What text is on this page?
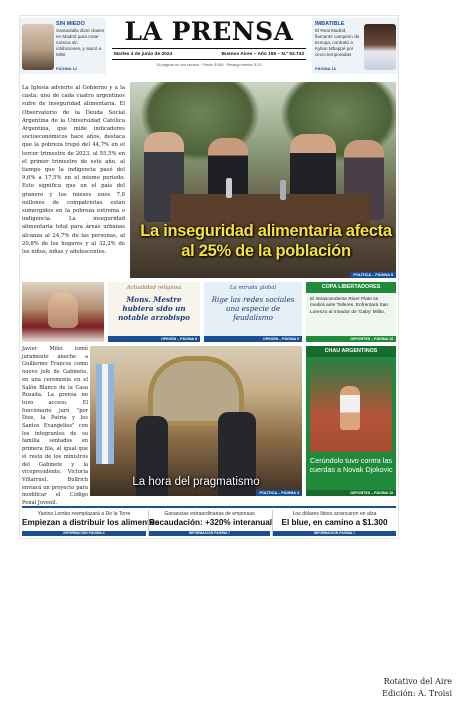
SIN MIEDO
Santaolalla dictó clases en Madrid para crear música sin inhibiciones, y atacó a Milei
PÁGINA 12
LA PRENSA
Martes 4 de junio de 2024	Buenos Aires – Año 155 – N.º 53.743
16 páginas en una sección · Precio: $ 800 · Recargo interior: $ 20
IMBATIBLE
El Real Madrid, flamante campeón de Europa, contrató a Kylian Mbappé por cinco temporadas
PÁGINA 16
La Iglesia advierte al Gobierno y a la casta: uno de cada cuatro argentinos sufre de inseguridad alimentaria. El Observatorio de la Deuda Social Argentina de la Universidad Católica Argentina, que mide indicadores socioeconómicos hace años, destaca que la pobreza trepó del 44,7% en el tercer trimestre de 2023, al 55,5% en el primer trimestre de este año, al tiempo que la indigencia pasó del 9,6% a 17,5% en el mismo período. Esto significa que en el país del granero y los mieses unos 7,8 millones de compatriotas están sumergidos en la pobreza extrema o indigencia. La inseguridad alimentaria total para áreas urbanas alcanza al 24,7% de las personas, al 20,8% de los hogares y al 32,2% de los niños, niñas y adolescentes.
La inseguridad alimentaria afecta al 25% de la población
POLÍTICA – PÁGINA 5
Actualidad religiosa
Mons. Mestre hubiera sido un notable arzobispo
OPINIÓN – PÁGINA 8
La mirada global
Rige las redes sociales una especie de feudalismo
OPINIÓN – PÁGINA 9
COPA LIBERTADORES
El intrascendente River Plate se medirá ante Talleres. Enfrentará San Lorenzo al mirador de 'Gaby' Milito.
DEPORTES – PÁGINA 15
Javier Milei tomó juramento anoche a Guillermo Francos como nuevo jefe de Gabinete, en una ceremonia en el Salón Blanco de la Casa Rosada. La prensa no tuvo acceso. El funcionario juró "por Dios, la Patria y los Santos Evangelios" con los integrantes de su familia sentados en primera fila, al igual que el resto de los ministros del Gabinete y la vicepresidente, Victoria Villarruel. Bullrich enviará un proyecto para modificar el Código Penal Juvenil.
La hora del pragmatismo
POLÍTICA – PÁGINA 4
CHAU ARGENTINOS
Cerúndolo tuvo contra las cuerdas a Novak Djokovic
DEPORTES – PÁGINA 15
Yanina Lembo reemplazará a De la Torre
Empiezan a distribuir los alimentos
INFORMACIÓN PÁGINA 3
Ganancias extraordinarias de empresas
Recaudación: +320% interanual
INFORMACIÓN PÁGINA 7
Los dólares libres arrancaron en alza
El blue, en camino a $1.300
INFORMACIÓN PÁGINA 7
Rotativo del Aire
Edición: A. Troisi
